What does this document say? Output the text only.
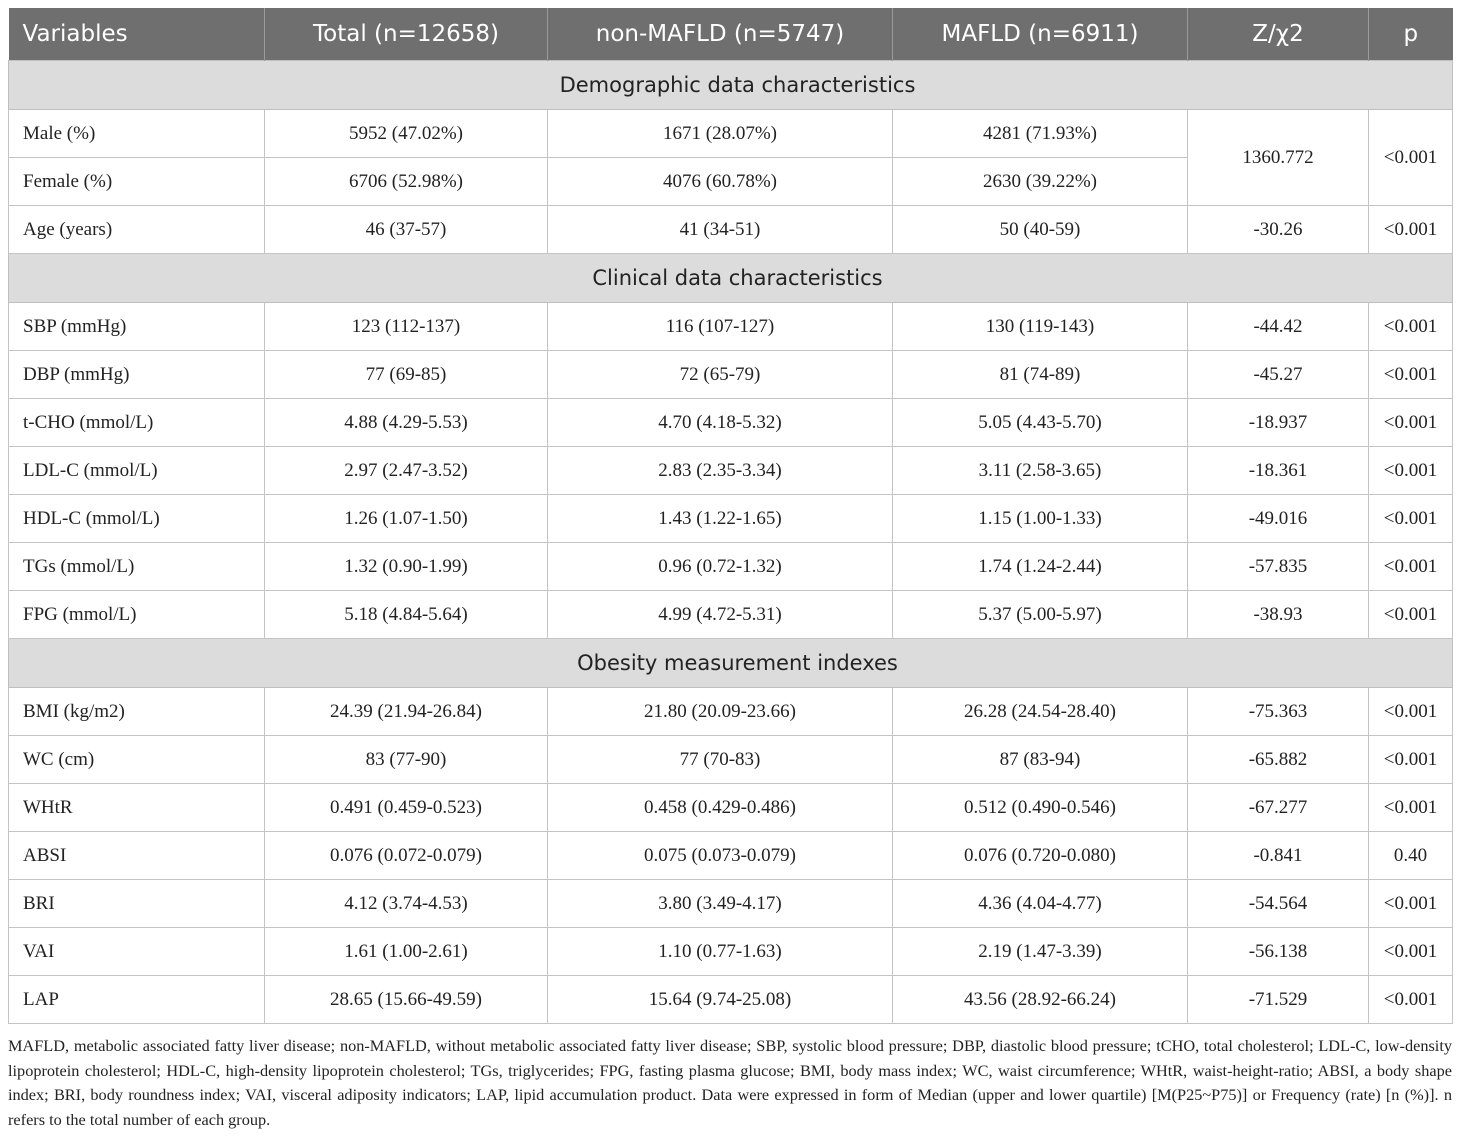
Variables	Total (n=12658)	non-MAFLD (n=5747)	MAFLD (n=6911)	Z/χ2	p
Demographic data characteristics					
Male (%)	5952 (47.02%)	1671 (28.07%)	4281 (71.93%)	1360.772	<0.001
Female (%)	6706 (52.98%)	4076 (60.78%)	2630 (39.22%)		
Age (years)	46 (37-57)	41 (34-51)	50 (40-59)	-30.26	<0.001
Clinical data characteristics					
SBP (mmHg)	123 (112-137)	116 (107-127)	130 (119-143)	-44.42	<0.001
DBP (mmHg)	77 (69-85)	72 (65-79)	81 (74-89)	-45.27	<0.001
t-CHO (mmol/L)	4.88 (4.29-5.53)	4.70 (4.18-5.32)	5.05 (4.43-5.70)	-18.937	<0.001
LDL-C (mmol/L)	2.97 (2.47-3.52)	2.83 (2.35-3.34)	3.11 (2.58-3.65)	-18.361	<0.001
HDL-C (mmol/L)	1.26 (1.07-1.50)	1.43 (1.22-1.65)	1.15 (1.00-1.33)	-49.016	<0.001
TGs (mmol/L)	1.32 (0.90-1.99)	0.96 (0.72-1.32)	1.74 (1.24-2.44)	-57.835	<0.001
FPG (mmol/L)	5.18 (4.84-5.64)	4.99 (4.72-5.31)	5.37 (5.00-5.97)	-38.93	<0.001
Obesity measurement indexes					
BMI (kg/m2)	24.39 (21.94-26.84)	21.80 (20.09-23.66)	26.28 (24.54-28.40)	-75.363	<0.001
WC (cm)	83 (77-90)	77 (70-83)	87 (83-94)	-65.882	<0.001
WHtR	0.491 (0.459-0.523)	0.458 (0.429-0.486)	0.512 (0.490-0.546)	-67.277	<0.001
ABSI	0.076 (0.072-0.079)	0.075 (0.073-0.079)	0.076 (0.720-0.080)	-0.841	0.40
BRI	4.12 (3.74-4.53)	3.80 (3.49-4.17)	4.36 (4.04-4.77)	-54.564	<0.001
VAI	1.61 (1.00-2.61)	1.10 (0.77-1.63)	2.19 (1.47-3.39)	-56.138	<0.001
LAP	28.65 (15.66-49.59)	15.64 (9.74-25.08)	43.56 (28.92-66.24)	-71.529	<0.001
MAFLD, metabolic associated fatty liver disease; non-MAFLD, without metabolic associated fatty liver disease; SBP, systolic blood pressure; DBP, diastolic blood pressure; tCHO, total cholesterol; LDL-C, low-density lipoprotein cholesterol; HDL-C, high-density lipoprotein cholesterol; TGs, triglycerides; FPG, fasting plasma glucose; BMI, body mass index; WC, waist circumference; WHtR, waist-height-ratio; ABSI, a body shape index; BRI, body roundness index; VAI, visceral adiposity indicators; LAP, lipid accumulation product. Data were expressed in form of Median (upper and lower quartile) [M(P25~P75)] or Frequency (rate) [n (%)]. n refers to the total number of each group.
